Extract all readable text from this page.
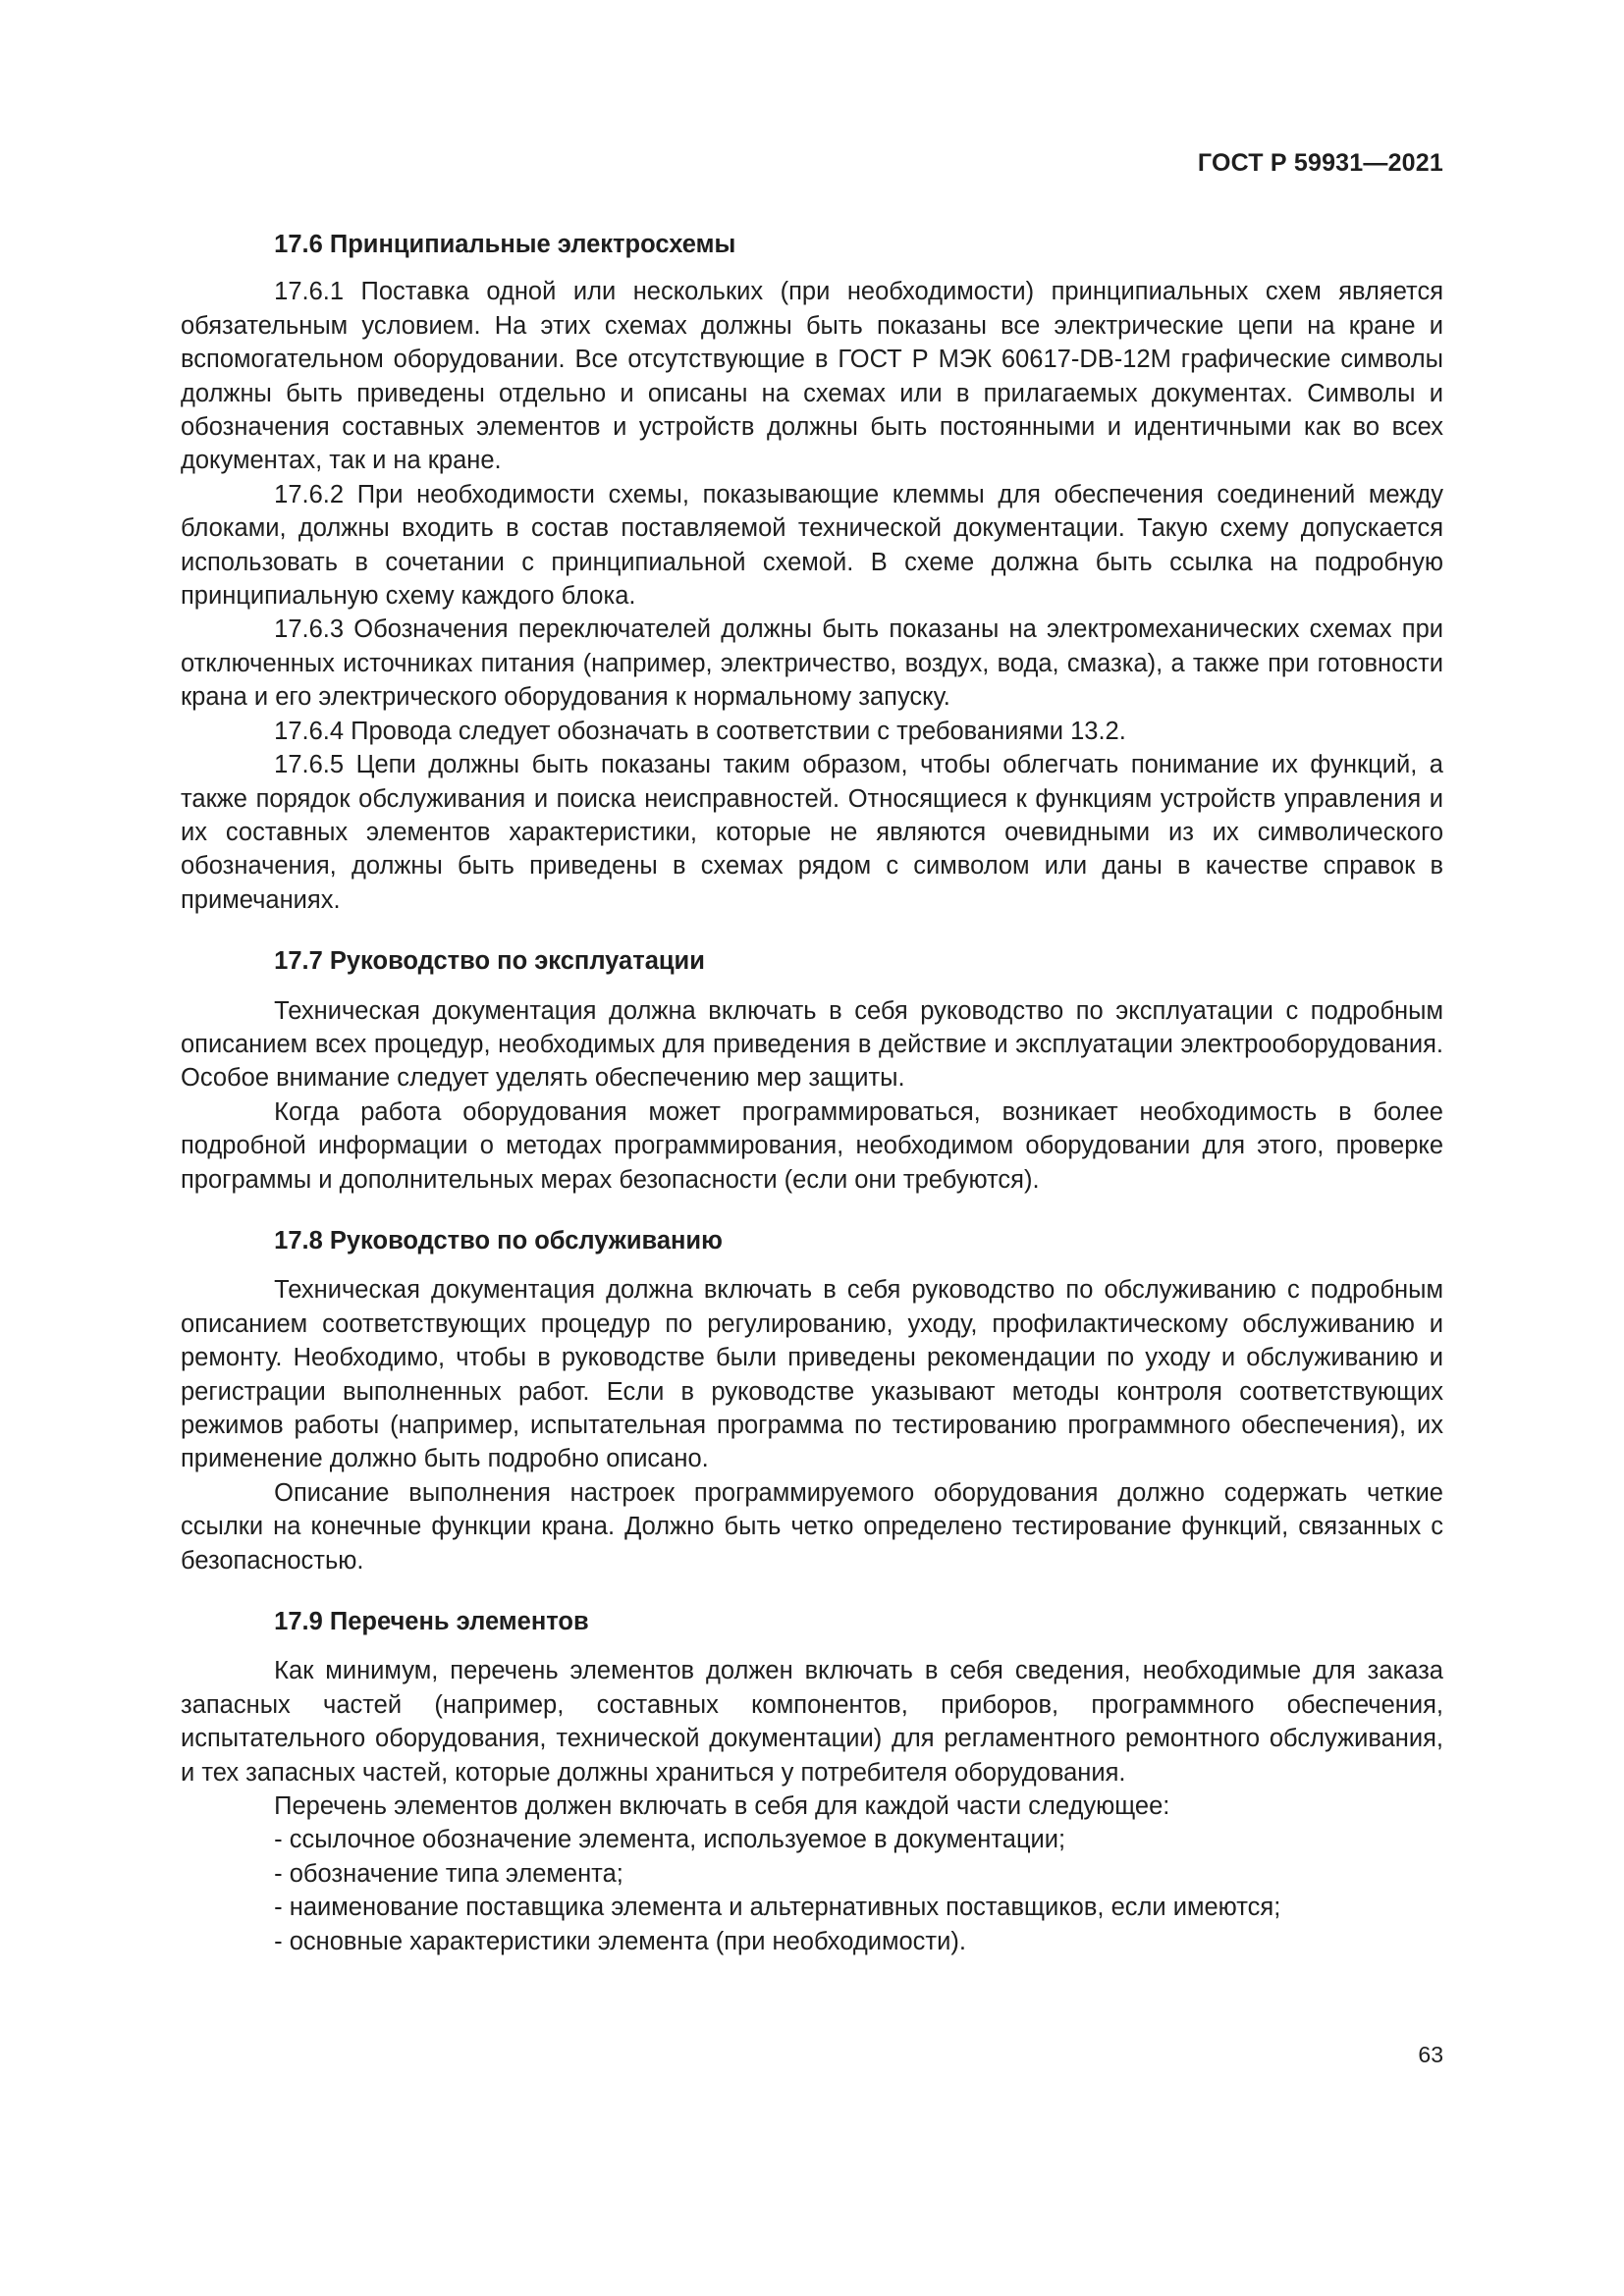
ГОСТ Р 59931—2021

17.6 Принципиальные электросхемы

17.6.1 Поставка одной или нескольких (при необходимости) принципиальных схем является обязательным условием. На этих схемах должны быть показаны все электрические цепи на кране и вспомогательном оборудовании. Все отсутствующие в ГОСТ Р МЭК 60617-DB-12M графические символы должны быть приведены отдельно и описаны на схемах или в прилагаемых документах. Символы и обозначения составных элементов и устройств должны быть постоянными и идентичными как во всех документах, так и на кране.

17.6.2 При необходимости схемы, показывающие клеммы для обеспечения соединений между блоками, должны входить в состав поставляемой технической документации. Такую схему допускается использовать в сочетании с принципиальной схемой. В схеме должна быть ссылка на подробную принципиальную схему каждого блока.

17.6.3 Обозначения переключателей должны быть показаны на электромеханических схемах при отключенных источниках питания (например, электричество, воздух, вода, смазка), а также при готовности крана и его электрического оборудования к нормальному запуску.

17.6.4 Провода следует обозначать в соответствии с требованиями 13.2.

17.6.5 Цепи должны быть показаны таким образом, чтобы облегчать понимание их функций, а также порядок обслуживания и поиска неисправностей. Относящиеся к функциям устройств управления и их составных элементов характеристики, которые не являются очевидными из их символического обозначения, должны быть приведены в схемах рядом с символом или даны в качестве справок в примечаниях.

17.7 Руководство по эксплуатации

Техническая документация должна включать в себя руководство по эксплуатации с подробным описанием всех процедур, необходимых для приведения в действие и эксплуатации электрооборудования. Особое внимание следует уделять обеспечению мер защиты.

Когда работа оборудования может программироваться, возникает необходимость в более подробной информации о методах программирования, необходимом оборудовании для этого, проверке программы и дополнительных мерах безопасности (если они требуются).

17.8 Руководство по обслуживанию

Техническая документация должна включать в себя руководство по обслуживанию с подробным описанием соответствующих процедур по регулированию, уходу, профилактическому обслуживанию и ремонту. Необходимо, чтобы в руководстве были приведены рекомендации по уходу и обслуживанию и регистрации выполненных работ. Если в руководстве указывают методы контроля соответствующих режимов работы (например, испытательная программа по тестированию программного обеспечения), их применение должно быть подробно описано.

Описание выполнения настроек программируемого оборудования должно содержать четкие ссылки на конечные функции крана. Должно быть четко определено тестирование функций, связанных с безопасностью.

17.9 Перечень элементов

Как минимум, перечень элементов должен включать в себя сведения, необходимые для заказа запасных частей (например, составных компонентов, приборов, программного обеспечения, испытательного оборудования, технической документации) для регламентного ремонтного обслуживания, и тех запасных частей, которые должны храниться у потребителя оборудования.

Перечень элементов должен включать в себя для каждой части следующее:

- ссылочное обозначение элемента, используемое в документации;

- обозначение типа элемента;

- наименование поставщика элемента и альтернативных поставщиков, если имеются;

- основные характеристики элемента (при необходимости).

63
